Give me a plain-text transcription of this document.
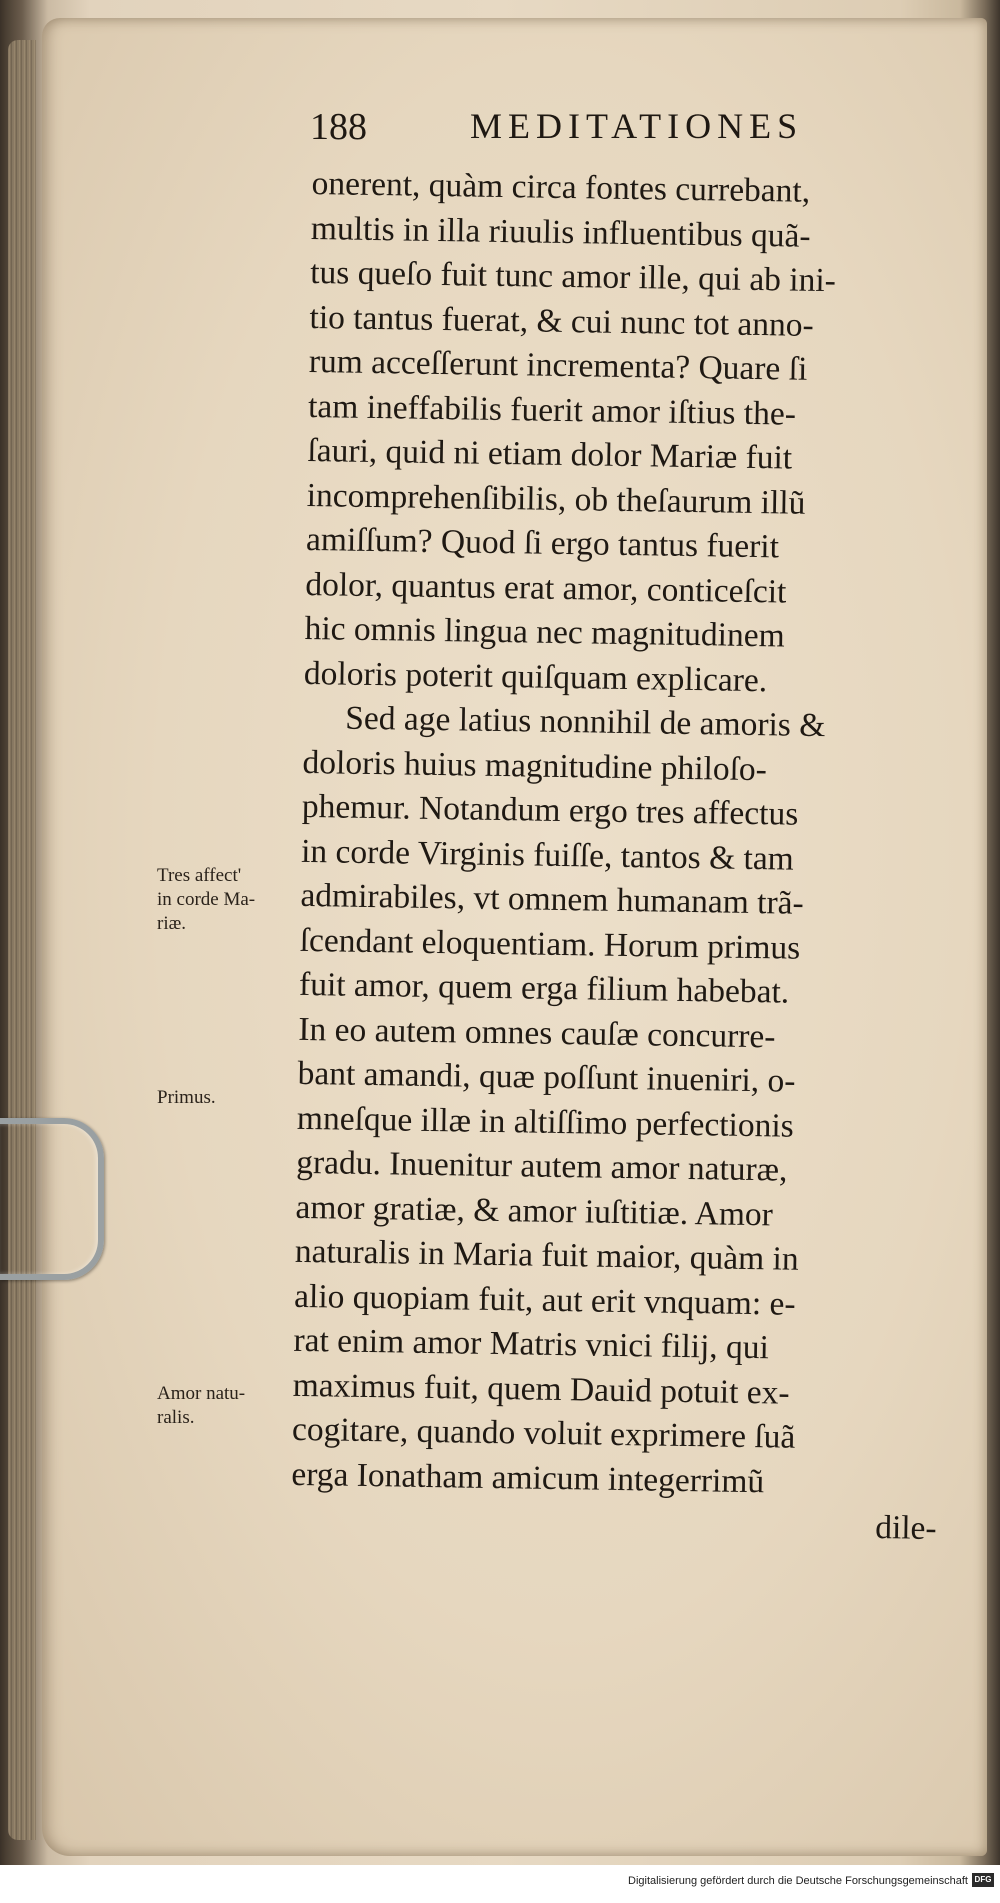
188	MEDITATIONES
onerent, quàm circa fontes currebant,
multis in illa riuulis influentibus quã-
tus queſo fuit tunc amor ille, qui ab ini-
tio tantus fuerat, & cui nunc tot anno-
rum acceſſerunt incrementa? Quare ſi
tam ineffabilis fuerit amor iſtius the-
ſauri, quid ni etiam dolor Mariæ fuit
incomprehenſibilis, ob theſaurum illũ
amiſſum? Quod ſi ergo tantus fuerit
dolor, quantus erat amor, conticeſcit
hic omnis lingua nec magnitudinem
doloris poterit quiſquam explicare.
Sed age latius nonnihil de amoris &
doloris huius magnitudine philoſo-
phemur. Notandum ergo tres affectus
in corde Virginis fuiſſe, tantos & tam
admirabiles, vt omnem humanam trã-
ſcendant eloquentiam. Horum primus
fuit amor, quem erga filium habebat.
In eo autem omnes cauſæ concurre-
bant amandi, quæ poſſunt inueniri, o-
mneſque illæ in altiſſimo perfectionis
gradu. Inuenitur autem amor naturæ,
amor gratiæ, & amor iuſtitiæ. Amor
naturalis in Maria fuit maior, quàm in
alio quopiam fuit, aut erit vnquam: e-
rat enim amor Matris vnici filij, qui
maximus fuit, quem Dauid potuit ex-
cogitare, quando voluit exprimere ſuã
erga Ionatham amicum integerrimũ
dile-
Tres affect'
in corde Ma-
riæ.
Primus.
Amor natu-
ralis.
Digitalisierung gefördert durch die Deutsche Forschungsgemeinschaft DFG
